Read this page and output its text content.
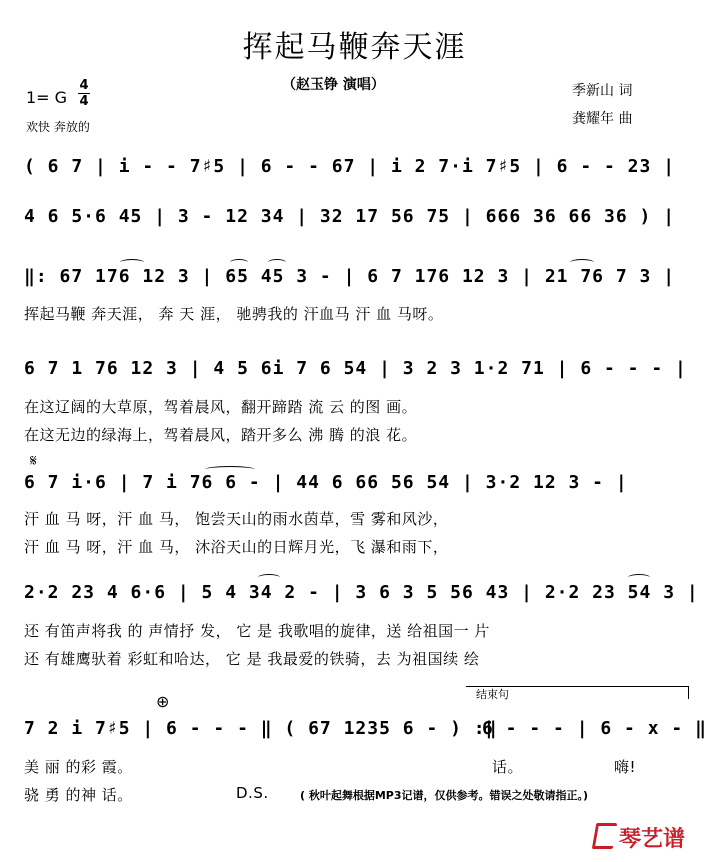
挥起马鞭奔天涯
（赵玉铮 演唱）
1= G
4
4
欢快 奔放的
季新山 词
龚耀年 曲
( 6 7 | i - - 7♯5 | 6 - - 67 | i 2 7·i 7♯5 | 6 - - 23 |
4 6 5·6 45 | 3 - 12 34 | 32 17 56 75 | 666 36 66 36 ) |
‖: 67 176 12 3 | 65 45 3 - | 6 7 176 12 3 | 21 76 7 3 |
挥起马鞭 奔天涯， 奔 天 涯， 驰骋我的 汗血马 汗 血 马呀。
6 7 1 76 12 3 | 4 5 6i 7 6 54 | 3 2 3 1·2 71 | 6 - - - |
在这辽阔的大草原，驾着晨风，翻开蹄踏 流 云 的图 画。
在这无边的绿海上，驾着晨风，踏开多么 沸 腾 的浪 花。
𝄋
6 7 i·6 | 7 i 76 6 - | 44 6 66 56 54 | 3·2 12 3 - |
汗 血 马 呀，汗 血 马， 饱尝天山的雨水茵草，雪 雾和风沙，
汗 血 马 呀，汗 血 马， 沐浴天山的日辉月光，飞 瀑和雨下，
2·2 23 4 6·6 | 5 4 34 2 - | 3 6 3 5 56 43 | 2·2 23 54 3 |
还 有笛声将我 的 声情抒 发， 它 是 我歌唱的旋律，送 给祖国一 片
还 有雄鹰驮着 彩虹和哈达， 它 是 我最爱的铁骑，去 为祖国续 绘
⊕	结束句
7 2 i 7♯5 | 6 - - - ‖ ( 67 1235 6 - ) :‖
6 - - - | 6 - x - ‖
美 丽 的彩 霞。	话。	嗨!
骁 勇 的神 话。	D.S.	( 秋叶起舞根据MP3记谱，仅供参考。错误之处敬请指正。)
琴艺谱
